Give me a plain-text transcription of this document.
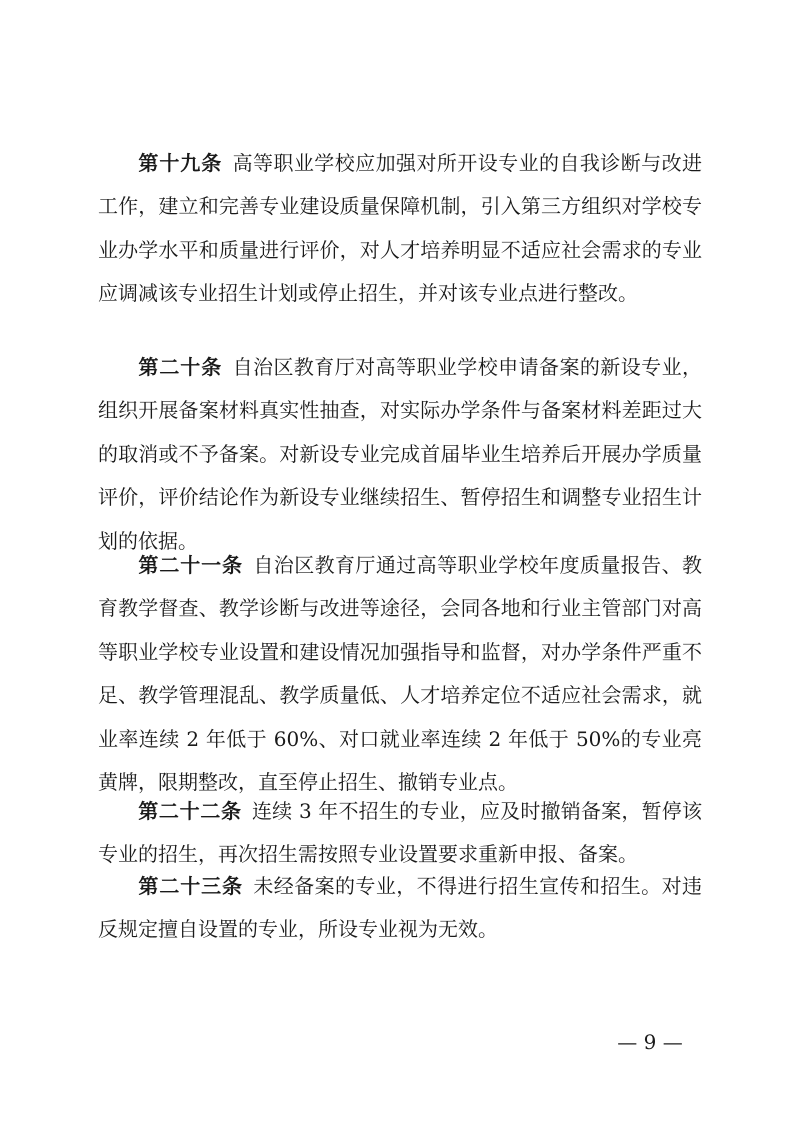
第十九条 高等职业学校应加强对所开设专业的自我诊断与改进工作，建立和完善专业建设质量保障机制，引入第三方组织对学校专业办学水平和质量进行评价，对人才培养明显不适应社会需求的专业应调减该专业招生计划或停止招生，并对该专业点进行整改。

第二十条 自治区教育厅对高等职业学校申请备案的新设专业，组织开展备案材料真实性抽查，对实际办学条件与备案材料差距过大的取消或不予备案。对新设专业完成首届毕业生培养后开展办学质量评价，评价结论作为新设专业继续招生、暂停招生和调整专业招生计划的依据。

第二十一条 自治区教育厅通过高等职业学校年度质量报告、教育教学督查、教学诊断与改进等途径，会同各地和行业主管部门对高等职业学校专业设置和建设情况加强指导和监督，对办学条件严重不足、教学管理混乱、教学质量低、人才培养定位不适应社会需求，就业率连续 2 年低于 60%、对口就业率连续 2 年低于 50%的专业亮黄牌，限期整改，直至停止招生、撤销专业点。

第二十二条 连续 3 年不招生的专业，应及时撤销备案，暂停该专业的招生，再次招生需按照专业设置要求重新申报、备案。

第二十三条 未经备案的专业，不得进行招生宣传和招生。对违反规定擅自设置的专业，所设专业视为无效。

— 9 —
